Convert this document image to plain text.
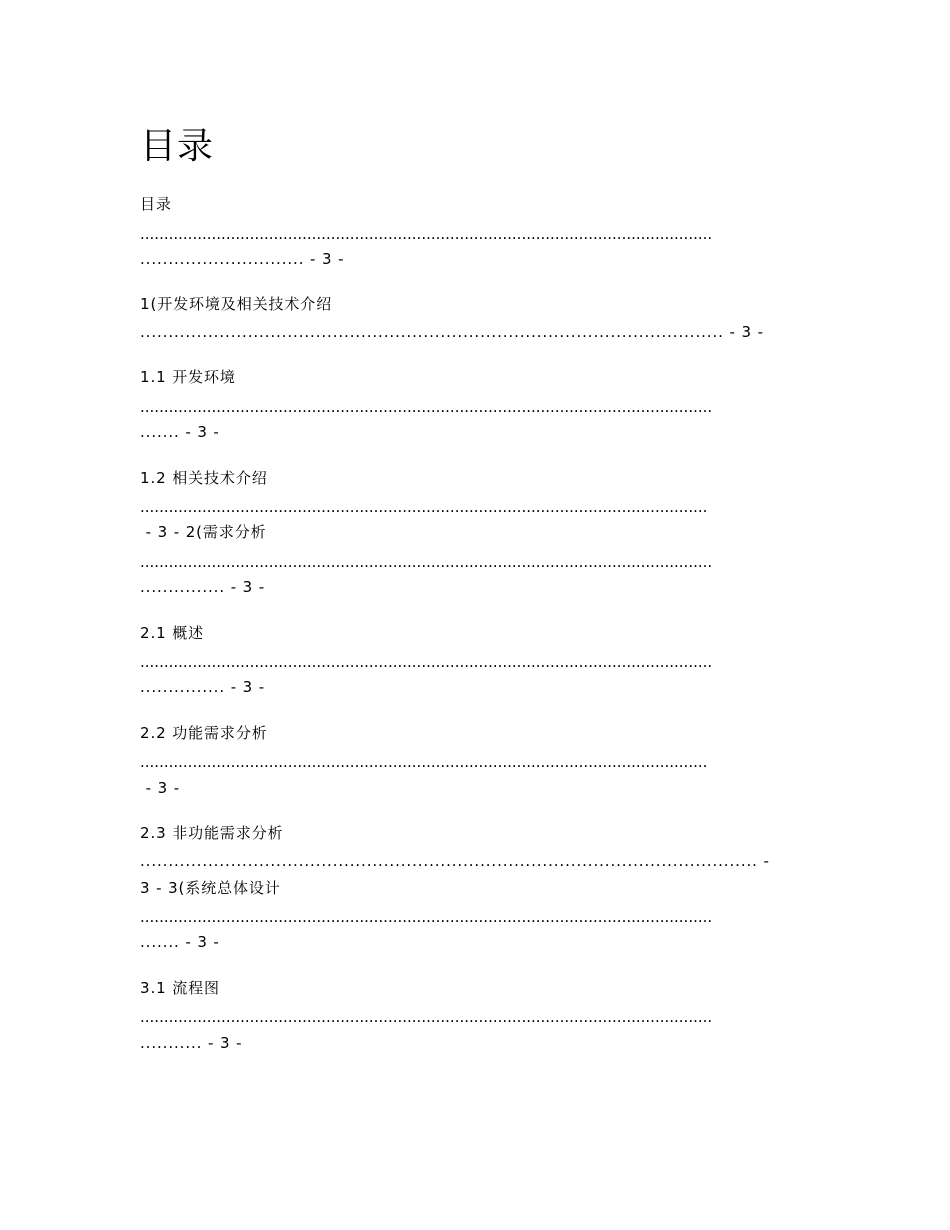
目录

目录

........................................................................................................................

............................. - 3 -

1(开发环境及相关技术介绍

....................................................................................................... - 3 -

1.1 开发环境

........................................................................................................................

....... - 3 -

1.2 相关技术介绍

.......................................................................................................................

- 3 - 2(需求分析

........................................................................................................................

............... - 3 -

2.1 概述

........................................................................................................................

............... - 3 -

2.2 功能需求分析

.......................................................................................................................

- 3 -

2.3 非功能需求分析

............................................................................................................. -

3 - 3(系统总体设计

........................................................................................................................

....... - 3 -

3.1 流程图

........................................................................................................................

........... - 3 -
